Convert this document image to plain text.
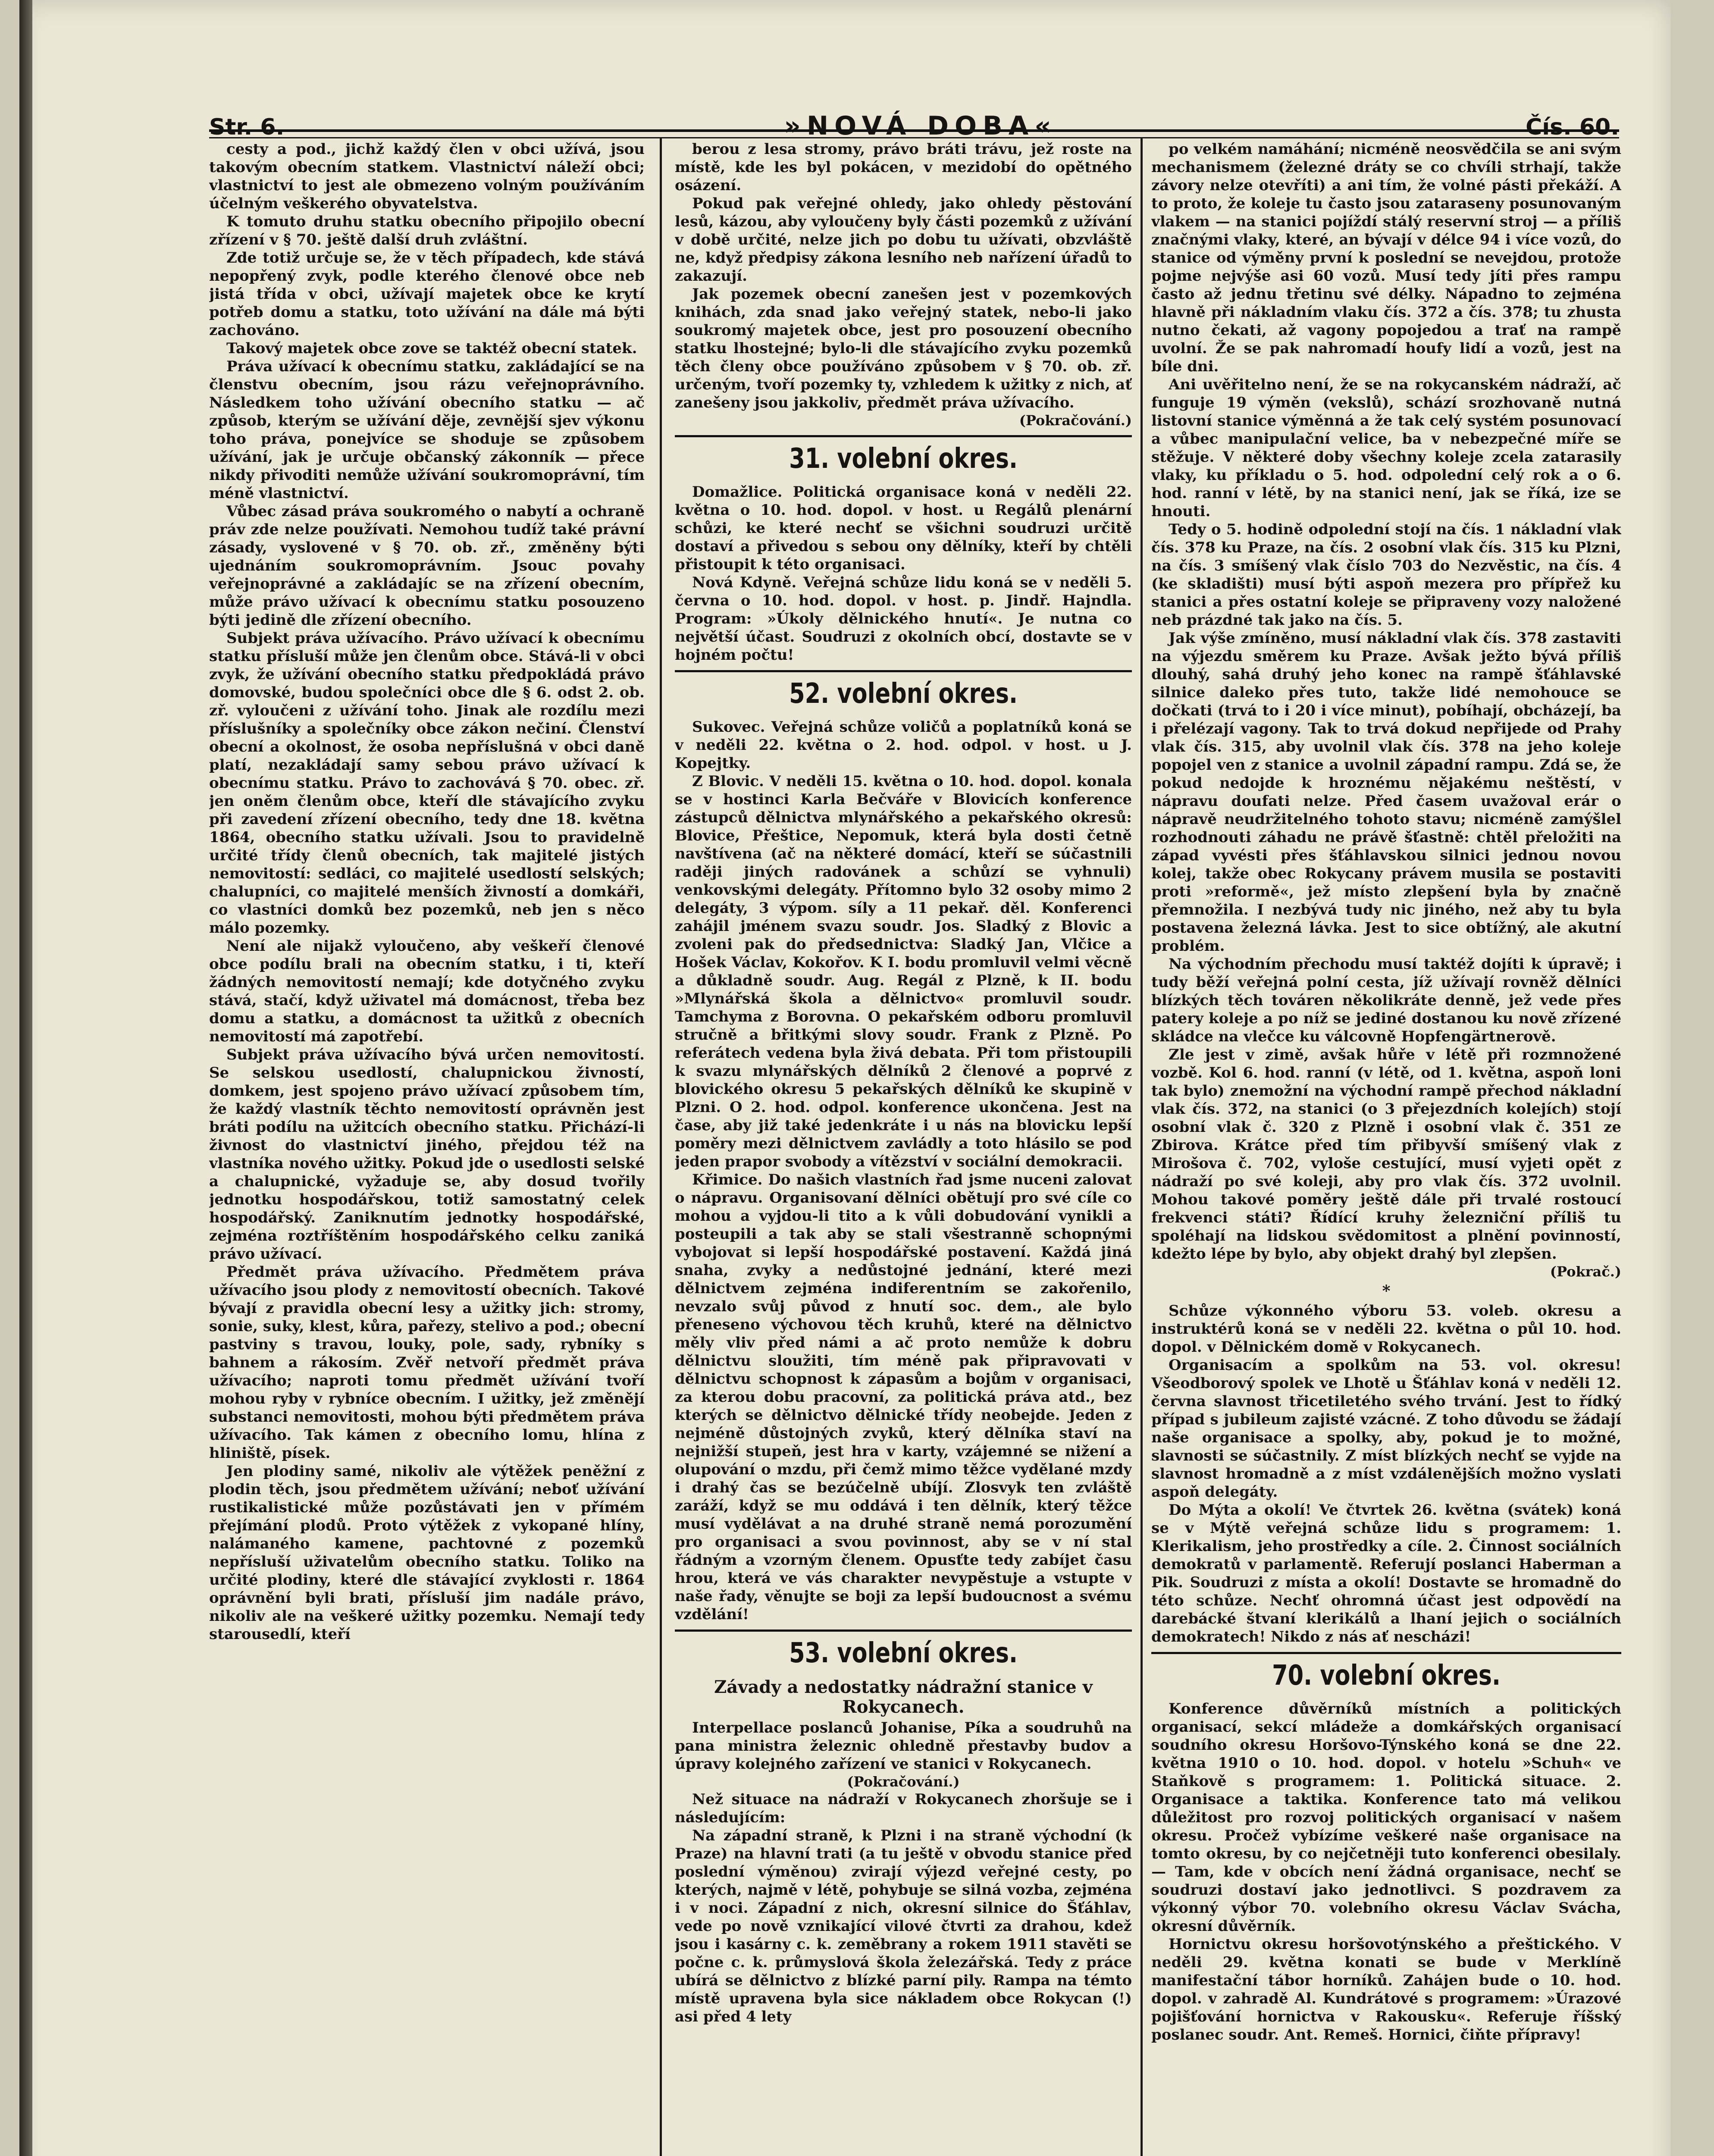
Str. 6.	»NOVÁ DOBA«	Čís. 60.

cesty a pod., jichž každý člen v obci užívá, jsou takovým obecním statkem. Vlastnictví náleží obci; vlastnictví to jest ale obmezeno volným používáním účelným veškerého obyvatelstva.

K tomuto druhu statku obecního připojilo obecní zřízení v § 70. ještě další druh zvláštní.

Zde totiž určuje se, že v těch případech, kde stává nepopřený zvyk, podle kterého členové obce neb jistá třída v obci, užívají majetek obce ke krytí potřeb domu a statku, toto užívání na dále má býti zachováno.

Takový majetek obce zove se taktéž obecní statek.

Práva užívací k obecnímu statku, zakládající se na členstvu obecním, jsou rázu veřejnoprávního. Následkem toho užívání obecního statku — ač způsob, kterým se užívání děje, zevnější sjev výkonu toho práva, ponejvíce se shoduje se způsobem užívání, jak je určuje občanský zákonník — přece nikdy přivoditi nemůže užívání soukromoprávní, tím méně vlastnictví.

Vůbec zásad práva soukromého o nabytí a ochraně práv zde nelze používati. Nemohou tudíž také právní zásady, vyslovené v § 70. ob. zř., změněny býti ujednáním soukromoprávním. Jsouc povahy veřejnoprávné a zakládajíc se na zřízení obecním, může právo užívací k obecnímu statku posouzeno býti jedině dle zřízení obecního.

Subjekt práva užívacího. Právo užívací k obecnímu statku přísluší může jen členům obce. Stává-li v obci zvyk, že užívání obecního statku předpokládá právo domovské, budou společníci obce dle § 6. odst 2. ob. zř. vyloučeni z užívání toho. Jinak ale rozdílu mezi příslušníky a společníky obce zákon nečiní. Členství obecní a okolnost, že osoba nepříslušná v obci daně platí, nezakládají samy sebou právo užívací k obecnímu statku. Právo to zachovává § 70. obec. zř. jen oněm členům obce, kteří dle stávajícího zvyku při zavedení zřízení obecního, tedy dne 18. května 1864, obecního statku užívali. Jsou to pravidelně určité třídy členů obecních, tak majitelé jistých nemovitostí: sedláci, co majitelé usedlostí selských; chalupníci, co majitelé menších živností a domkáři, co vlastníci domků bez pozemků, neb jen s něco málo pozemky.

Není ale nijakž vyloučeno, aby veškeří členové obce podílu brali na obecním statku, i ti, kteří žádných nemovitostí nemají; kde dotyčného zvyku stává, stačí, když uživatel má domácnost, třeba bez domu a statku, a domácnost ta užitků z obecních nemovitostí má zapotřebí.

Subjekt práva užívacího bývá určen nemovitostí. Se selskou usedlostí, chalupnickou živností, domkem, jest spojeno právo užívací způsobem tím, že každý vlastník těchto nemovitostí oprávněn jest bráti podílu na užitcích obecního statku. Přichází-li živnost do vlastnictví jiného, přejdou též na vlastníka nového užitky. Pokud jde o usedlosti selské a chalupnické, vyžaduje se, aby dosud tvořily jednotku hospodářskou, totiž samostatný celek hospodářský. Zaniknutím jednotky hospodářské, zejména roztříštěním hospodářského celku zaniká právo užívací.

Předmět práva užívacího. Předmětem práva užívacího jsou plody z nemovitostí obecních. Takové bývají z pravidla obecní lesy a užitky jich: stromy, sonie, suky, klest, kůra, pařezy, stelivo a pod.; obecní pastviny s travou, louky, pole, sady, rybníky s bahnem a rákosím. Zvěř netvoří předmět práva užívacího; naproti tomu předmět užívání tvoří mohou ryby v rybníce obecním. I užitky, jež změnějí substanci nemovitosti, mohou býti předmětem práva užívacího. Tak kámen z obecního lomu, hlína z hliniště, písek.

Jen plodiny samé, nikoliv ale výtěžek peněžní z plodin těch, jsou předmětem užívání; neboť užívání rustikalistické může pozůstávati jen v přímém přejímání plodů. Proto výtěžek z vykopané hlíny, nalámaného kamene, pachtovné z pozemků nepřísluší uživatelům obecního statku. Toliko na určité plodiny, které dle stávající zvyklosti r. 1864 oprávnění byli brati, přísluší jim nadále právo, nikoliv ale na veškeré užitky pozemku. Nemají tedy starousedlí, kteří

berou z lesa stromy, právo bráti trávu, jež roste na místě, kde les byl pokácen, v mezidobí do opětného osázení.

Pokud pak veřejné ohledy, jako ohledy pěstování lesů, kázou, aby vyloučeny byly části pozemků z užívání v době určité, nelze jich po dobu tu užívati, obzvláště ne, když předpisy zákona lesního neb nařízení úřadů to zakazují.

Jak pozemek obecní zanešen jest v pozemkových knihách, zda snad jako veřejný statek, nebo-li jako soukromý majetek obce, jest pro posouzení obecního statku lhostejné; bylo-li dle stávajícího zvyku pozemků těch členy obce používáno způsobem v § 70. ob. zř. určeným, tvoří pozemky ty, vzhledem k užitky z nich, ať zanešeny jsou jakkoliv, předmět práva užívacího.

(Pokračování.)
31. volební okres.

Domažlice. Politická organisace koná v neděli 22. května o 10. hod. dopol. v host. u Regálů plenární schůzi, ke které nechť se všichni soudruzi určitě dostaví a přivedou s sebou ony dělníky, kteří by chtěli přistoupit k této organisaci.

Nová Kdyně. Veřejná schůze lidu koná se v neděli 5. června o 10. hod. dopol. v host. p. Jindř. Hajndla. Program: »Úkoly dělnického hnutí«. Je nutna co největší účast. Soudruzi z okolních obcí, dostavte se v hojném počtu!

52. volební okres.

Sukovec. Veřejná schůze voličů a poplatníků koná se v neděli 22. května o 2. hod. odpol. v host. u J. Kopejtky.

Z Blovic. V neděli 15. května o 10. hod. dopol. konala se v hostinci Karla Bečváře v Blovicích konference zástupců dělnictva mlynářského a pekařského okresů: Blovice, Přeštice, Nepomuk, která byla dosti četně navštívena (ač na některé domácí, kteří se súčastnili raději jiných radovánek a schůzí se vyhnuli) venkovskými delegáty. Přítomno bylo 32 osoby mimo 2 delegáty, 3 výpom. síly a 11 pekař. děl. Konferenci zahájil jménem svazu soudr. Jos. Sladký z Blovic a zvoleni pak do předsednictva: Sladký Jan, Vlčice a Hošek Václav, Kokořov. K I. bodu promluvil velmi věcně a důkladně soudr. Aug. Regál z Plzně, k II. bodu »Mlynářská škola a dělnictvo« promluvil soudr. Tamchyma z Borovna. O pekařském odboru promluvil stručně a břitkými slovy soudr. Frank z Plzně. Po referátech vedena byla živá debata. Při tom přistoupili k svazu mlynářských dělníků 2 členové a poprvé z blovického okresu 5 pekařských dělníků ke skupině v Plzni. O 2. hod. odpol. konference ukončena. Jest na čase, aby již také jedenkráte i u nás na blovicku lepší poměry mezi dělnictvem zavládly a toto hlásilo se pod jeden prapor svobody a vítězství v sociální demokracii.

Křimice. Do našich vlastních řad jsme nuceni zalovat o nápravu. Organisovaní dělníci obětují pro své cíle co mohou a vyjdou-li tito a k vůli dobudování vynikli a posteupili a tak aby se stali všestranně schopnými vybojovat si lepší hospodářské postavení. Každá jiná snaha, zvyky a nedůstojné jednání, které mezi dělnictvem zejména indiferentním se zakořenilo, nevzalo svůj původ z hnutí soc. dem., ale bylo přeneseno výchovou těch kruhů, které na dělnictvo měly vliv před námi a ač proto nemůže k dobru dělnictvu sloužiti, tím méně pak připravovati v dělnictvu schopnost k zápasům a bojům v organisaci, za kterou dobu pracovní, za politická práva atd., bez kterých se dělnictvo dělnické třídy neobejde. Jeden z nejméně důstojných zvyků, který dělníka staví na nejnižší stupeň, jest hra v karty, vzájemné se nižení a olupování o mzdu, při čemž mimo těžce vydělané mzdy i drahý čas se bezúčelně ubíjí. Zlosvyk ten zvláště zaráží, když se mu oddává i ten dělník, který těžce musí vydělávat a na druhé straně nemá porozumění pro organisaci a svou povinnost, aby se v ní stal řádným a vzorným členem. Opusťte tedy zabíjet času hrou, která ve vás charakter nevypěstuje a vstupte v naše řady, věnujte se boji za lepší budoucnost a svému vzdělání!

53. volební okres.
Závady a nedostatky nádražní stanice v Rokycanech.

Interpellace poslanců Johanise, Píka a soudruhů na pana ministra železnic ohledně přestavby budov a úpravy kolejného zařízení ve stanici v Rokycanech.

(Pokračování.)

Než situace na nádraží v Rokycanech zhoršuje se i následujícím:

Na západní straně, k Plzni i na straně východní (k Praze) na hlavní trati (a tu ještě v obvodu stanice před poslední výměnou) zvirají výjezd veřejné cesty, po kterých, najmě v létě, pohybuje se silná vozba, zejména i v noci. Západní z nich, okresní silnice do Šťáhlav, vede po nově vznikající vilové čtvrti za drahou, kdež jsou i kasárny c. k. zeměbrany a rokem 1911 stavěti se počne c. k. průmyslová škola železářská. Tedy z práce ubírá se dělnictvo z blízké parní pily. Rampa na témto místě upravena byla sice nákladem obce Rokycan (!) asi před 4 lety

po velkém namáhání; nicméně neosvědčila se ani svým mechanismem (železné dráty se co chvíli strhají, takže závory nelze otevříti) a ani tím, že volné pásti překáží. A to proto, že koleje tu často jsou zataraseny posunovaným vlakem — na stanici pojíždí stálý reservní stroj — a příliš značnými vlaky, které, an bývají v délce 94 i více vozů, do stanice od výměny první k poslední se nevejdou, protože pojme nejvýše asi 60 vozů. Musí tedy jíti přes rampu často až jednu třetinu své délky. Nápadno to zejména hlavně při nákladním vlaku čís. 372 a čís. 378; tu zhusta nutno čekati, až vagony popojedou a trať na rampě uvolní. Že se pak nahromadí houfy lidí a vozů, jest na bíle dni.

Ani uvěřitelno není, že se na rokycanském nádraží, ač funguje 19 výměn (vekslů), schází srozhovaně nutná listovní stanice výměnná a že tak celý systém posunovací a vůbec manipulační velice, ba v nebezpečné míře se stěžuje. V některé doby všechny koleje zcela zatarasily vlaky, ku příkladu o 5. hod. odpolední celý rok a o 6. hod. ranní v létě, by na stanici není, jak se říká, ize se hnouti.

Tedy o 5. hodině odpolední stojí na čís. 1 nákladní vlak čís. 378 ku Praze, na čís. 2 osobní vlak čís. 315 ku Plzni, na čís. 3 smíšený vlak číslo 703 do Nezvěstic, na čís. 4 (ke skladišti) musí býti aspoň mezera pro přípřež ku stanici a přes ostatní koleje se připraveny vozy naložené neb prázdné tak jako na čís. 5.

Jak výše zmíněno, musí nákladní vlak čís. 378 zastaviti na výjezdu směrem ku Praze. Avšak ježto bývá příliš dlouhý, sahá druhý jeho konec na rampě šťáhlavské silnice daleko přes tuto, takže lidé nemohouce se dočkati (trvá to i 20 i více minut), pobíhají, obcházejí, ba i přelézají vagony. Tak to trvá dokud nepřijede od Prahy vlak čís. 315, aby uvolnil vlak čís. 378 na jeho koleje popojel ven z stanice a uvolnil západní rampu. Zdá se, že pokud nedojde k hroznému nějakému neštěstí, v nápravu doufati nelze. Před časem uvažoval erár o nápravě neudržitelného tohoto stavu; nicméně zamýšlel rozhodnouti záhadu ne právě šťastně: chtěl přeložiti na západ vyvésti přes šťáhlavskou silnici jednou novou kolej, takže obec Rokycany právem musila se postaviti proti »reformě«, jež místo zlepšení byla by značně přemnožila. I nezbývá tudy nic jiného, než aby tu byla postavena železná lávka. Jest to sice obtížný, ale akutní problém.

Na východním přechodu musí taktéž dojíti k úpravě; i tudy běží veřejná polní cesta, jíž užívají rovněž dělníci blízkých těch továren několikráte denně, jež vede přes patery koleje a po níž se jediné dostanou ku nově zřízené skládce na vlečce ku válcovně Hopfengärtnerově.

Zle jest v zimě, avšak hůře v létě při rozmnožené vozbě. Kol 6. hod. ranní (v létě, od 1. května, aspoň loni tak bylo) znemožní na východní rampě přechod nákladní vlak čís. 372, na stanici (o 3 přejezdních kolejích) stojí osobní vlak č. 320 z Plzně i osobní vlak č. 351 ze Zbirova. Krátce před tím přibyvší smíšený vlak z Mirošova č. 702, vyloše cestující, musí vyjeti opět z nádraží po své koleji, aby pro vlak čís. 372 uvolnil. Mohou takové poměry ještě dále při trvalé rostoucí frekvenci státi? Řídící kruhy železniční příliš tu spoléhají na lidskou svědomitost a plnění povinností, kdežto lépe by bylo, aby objekt drahý byl zlepšen.

(Pokrač.)
*

Schůze výkonného výboru 53. voleb. okresu a instruktérů koná se v neděli 22. května o půl 10. hod. dopol. v Dělnickém domě v Rokycanech.

Organisacím a spolkům na 53. vol. okresu! Všeodborový spolek ve Lhotě u Šťáhlav koná v neděli 12. června slavnost třicetiletého svého trvání. Jest to řídký případ s jubileum zajisté vzácné. Z toho důvodu se žádají naše organisace a spolky, aby, pokud je to možné, slavnosti se súčastnily. Z míst blízkých nechť se vyjde na slavnost hromadně a z míst vzdálenějších možno vyslati aspoň delegáty.

Do Mýta a okolí! Ve čtvrtek 26. května (svátek) koná se v Mýtě veřejná schůze lidu s programem: 1. Klerikalism, jeho prostředky a cíle. 2. Činnost sociálních demokratů v parlamentě. Referují poslanci Haberman a Pik. Soudruzi z místa a okolí! Dostavte se hromadně do této schůze. Nechť ohromná účast jest odpovědí na darebácké štvaní klerikálů a lhaní jejich o sociálních demokratech! Nikdo z nás ať nescházi!

70. volební okres.

Konference důvěrníků místních a politických organisací, sekcí mládeže a domkářských organisací soudního okresu Horšovo-Týnského koná se dne 22. května 1910 o 10. hod. dopol. v hotelu »Schuh« ve Staňkově s programem: 1. Politická situace. 2. Organisace a taktika. Konference tato má velikou důležitost pro rozvoj politických organisací v našem okresu. Pročež vybízíme veškeré naše organisace na tomto okresu, by co nejčetněji tuto konferenci obesilaly. — Tam, kde v obcích není žádná organisace, nechť se soudruzi dostaví jako jednotlivci. S pozdravem za výkonný výbor 70. volebního okresu Václav Svácha, okresní důvěrník.

Hornictvu okresu horšovotýnského a přeštického. V neděli 29. května konati se bude v Merklíně manifestační tábor horníků. Zahájen bude o 10. hod. dopol. v zahradě Al. Kundrátové s programem: »Úrazové pojišťování hornictva v Rakousku«. Referuje říšský poslanec soudr. Ant. Remeš. Hornici, čiňte přípravy!
